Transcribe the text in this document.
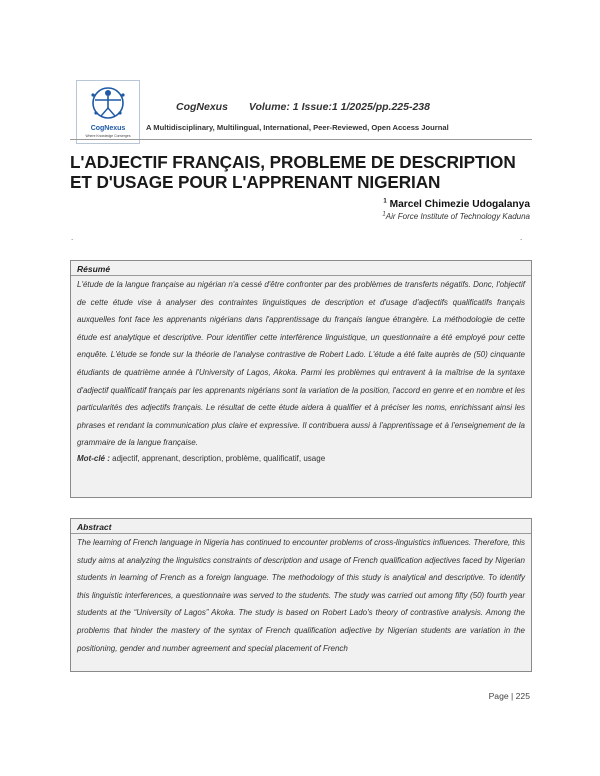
CogNexus
Where Knowledge Converges
CogNexus Volume: 1 Issue:1 1/2025/pp.225-238
A Multidisciplinary, Multilingual, International, Peer-Reviewed, Open Access Journal
L'ADJECTIF FRANÇAIS, PROBLEME DE DESCRIPTION
ET D'USAGE POUR L'APPRENANT NIGERIAN
$^1$ Marcel Chimezie Udogalanya
$^1$Air Force Institute of Technology Kaduna
.	.
Résumé
L'étude de la langue française au nigérian n'a cessé d'être confronter par des problèmes de transferts négatifs. Donc, l'objectif de cette étude vise à analyser des contraintes linguistiques de description et d'usage d'adjectifs qualificatifs français auxquelles font face les apprenants nigérians dans l'apprentissage du français langue étrangère. La méthodologie de cette étude est analytique et descriptive. Pour identifier cette interférence linguistique, un questionnaire a été employé pour cette enquête. L'étude se fonde sur la théorie de l'analyse contrastive de Robert Lado. L'étude a été faite auprès de (50) cinquante étudiants de quatrième année à l'University of Lagos, Akoka. Parmi les problèmes qui entravent à la maîtrise de la syntaxe d'adjectif qualificatif français par les apprenants nigérians sont la variation de la position, l'accord en genre et en nombre et les particularités des adjectifs français. Le résultat de cette étude aidera à qualifier et à préciser les noms, enrichissant ainsi les phrases et rendant la communication plus claire et expressive. Il contribuera aussi à l'apprentissage et à l'enseignement de la grammaire de la langue française.
Mot-clé : adjectif, apprenant, description, problème, qualificatif, usage
Abstract
The learning of French language in Nigeria has continued to encounter problems of cross-linguistics influences. Therefore, this study aims at analyzing the linguistics constraints of description and usage of French qualification adjectives faced by Nigerian students in learning of French as a foreign language. The methodology of this study is analytical and descriptive. To identify this linguistic interferences, a questionnaire was served to the students. The study was carried out among fifty (50) fourth year students at the “University of Lagos” Akoka. The study is based on Robert Lado's theory of contrastive analysis. Among the problems that hinder the mastery of the syntax of French qualification adjective by Nigerian students are variation in the positioning, gender and number agreement and special placement of French
Page | 225
